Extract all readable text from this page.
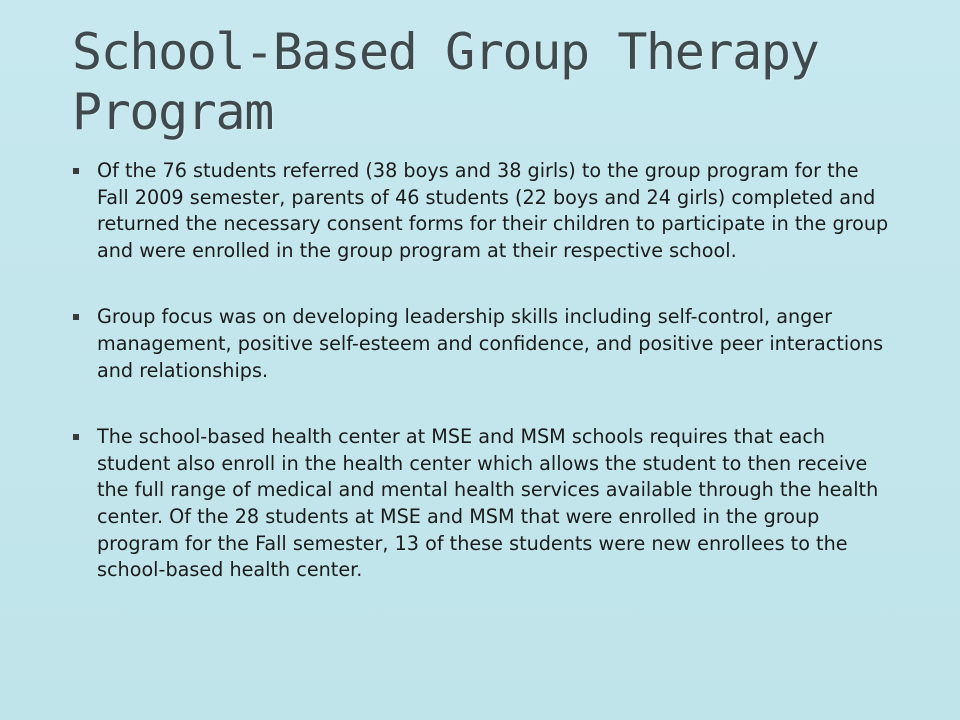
School-Based Group Therapy Program
Of the 76 students referred (38 boys and 38 girls) to the group program for the Fall 2009 semester, parents of 46 students (22 boys and 24 girls) completed and returned the necessary consent forms for their children to participate in the group and were enrolled in the group program at their respective school.
Group focus was on developing leadership skills including self-control, anger management, positive self-esteem and confidence, and positive peer interactions and relationships.
The school-based health center at MSE and MSM schools requires that each student also enroll in the health center which allows the student to then receive the full range of medical and mental health services available through the health center. Of the 28 students at MSE and MSM that were enrolled in the group program for the Fall semester, 13 of these students were new enrollees to the school-based health center.
